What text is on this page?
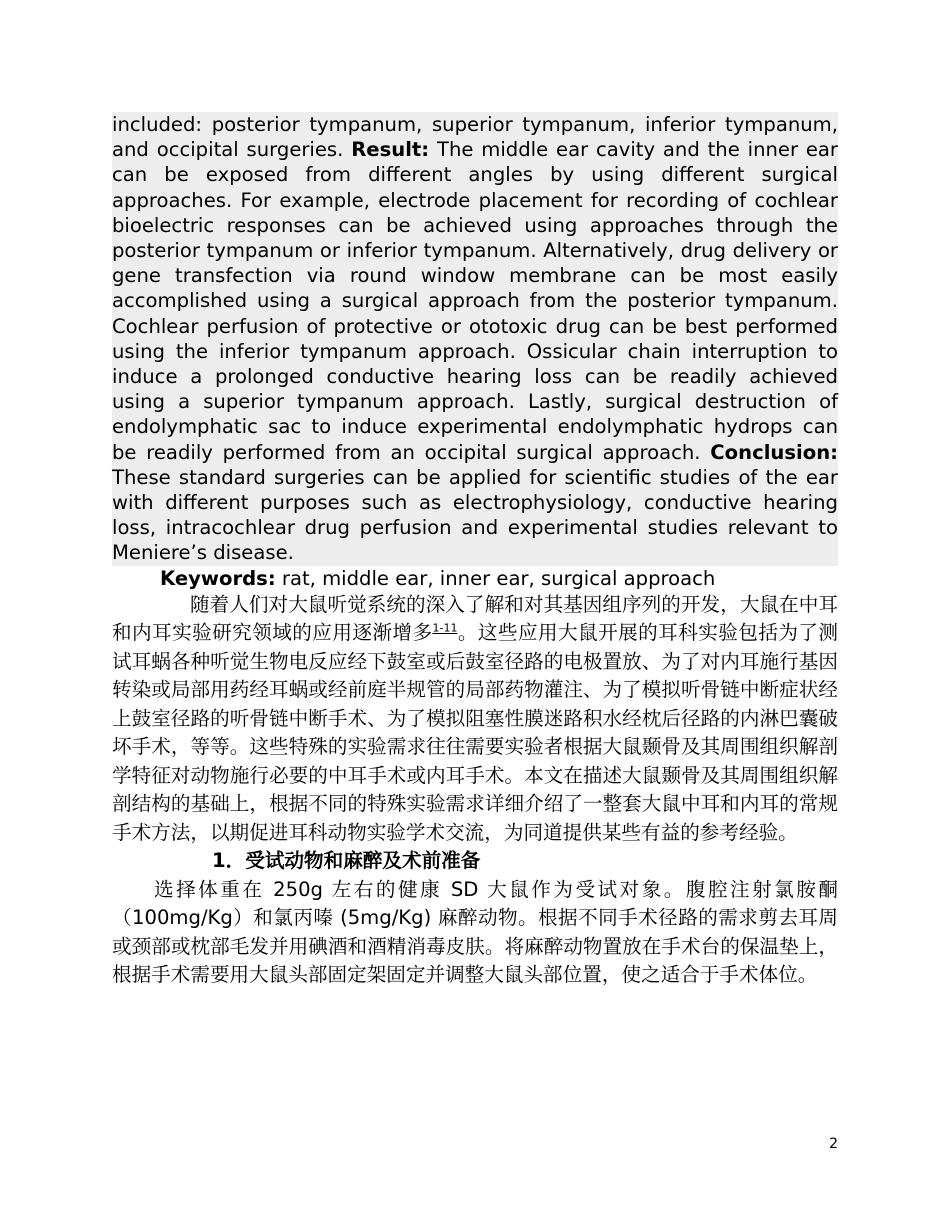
included: posterior tympanum, superior tympanum, inferior tympanum, and occipital surgeries. Result: The middle ear cavity and the inner ear can be exposed from different angles by using different surgical approaches. For example, electrode placement for recording of cochlear bioelectric responses can be achieved using approaches through the posterior tympanum or inferior tympanum. Alternatively, drug delivery or gene transfection via round window membrane can be most easily accomplished using a surgical approach from the posterior tympanum. Cochlear perfusion of protective or ototoxic drug can be best performed using the inferior tympanum approach. Ossicular chain interruption to induce a prolonged conductive hearing loss can be readily achieved using a superior tympanum approach. Lastly, surgical destruction of endolymphatic sac to induce experimental endolymphatic hydrops can be readily performed from an occipital surgical approach. Conclusion: These standard surgeries can be applied for scientific studies of the ear with different purposes such as electrophysiology, conductive hearing loss, intracochlear drug perfusion and experimental studies relevant to Meniere’s disease.

Keywords: rat, middle ear, inner ear, surgical approach

随着人们对大鼠听觉系统的深入了解和对其基因组序列的开发，大鼠在中耳和内耳实验研究领域的应用逐渐增多$^{1-11}$。这些应用大鼠开展的耳科实验包括为了测试耳蜗各种听觉生物电反应经下鼓室或后鼓室径路的电极置放、为了对内耳施行基因转染或局部用药经耳蜗或经前庭半规管的局部药物灌注、为了模拟听骨链中断症状经上鼓室径路的听骨链中断手术、为了模拟阻塞性膜迷路积水经枕后径路的内淋巴囊破坏手术，等等。这些特殊的实验需求往往需要实验者根据大鼠颞骨及其周围组织解剖学特征对动物施行必要的中耳手术或内耳手术。本文在描述大鼠颞骨及其周围组织解剖结构的基础上，根据不同的特殊实验需求详细介绍了一整套大鼠中耳和内耳的常规手术方法，以期促进耳科动物实验学术交流，为同道提供某些有益的参考经验。

1．受试动物和麻醉及术前准备

选择体重在 250g 左右的健康 SD 大鼠作为受试对象。腹腔注射氯胺酮（100mg/Kg）和氯丙嗪 (5mg/Kg) 麻醉动物。根据不同手术径路的需求剪去耳周或颈部或枕部毛发并用碘酒和酒精消毒皮肤。将麻醉动物置放在手术台的保温垫上，根据手术需要用大鼠头部固定架固定并调整大鼠头部位置，使之适合于手术体位。

2
